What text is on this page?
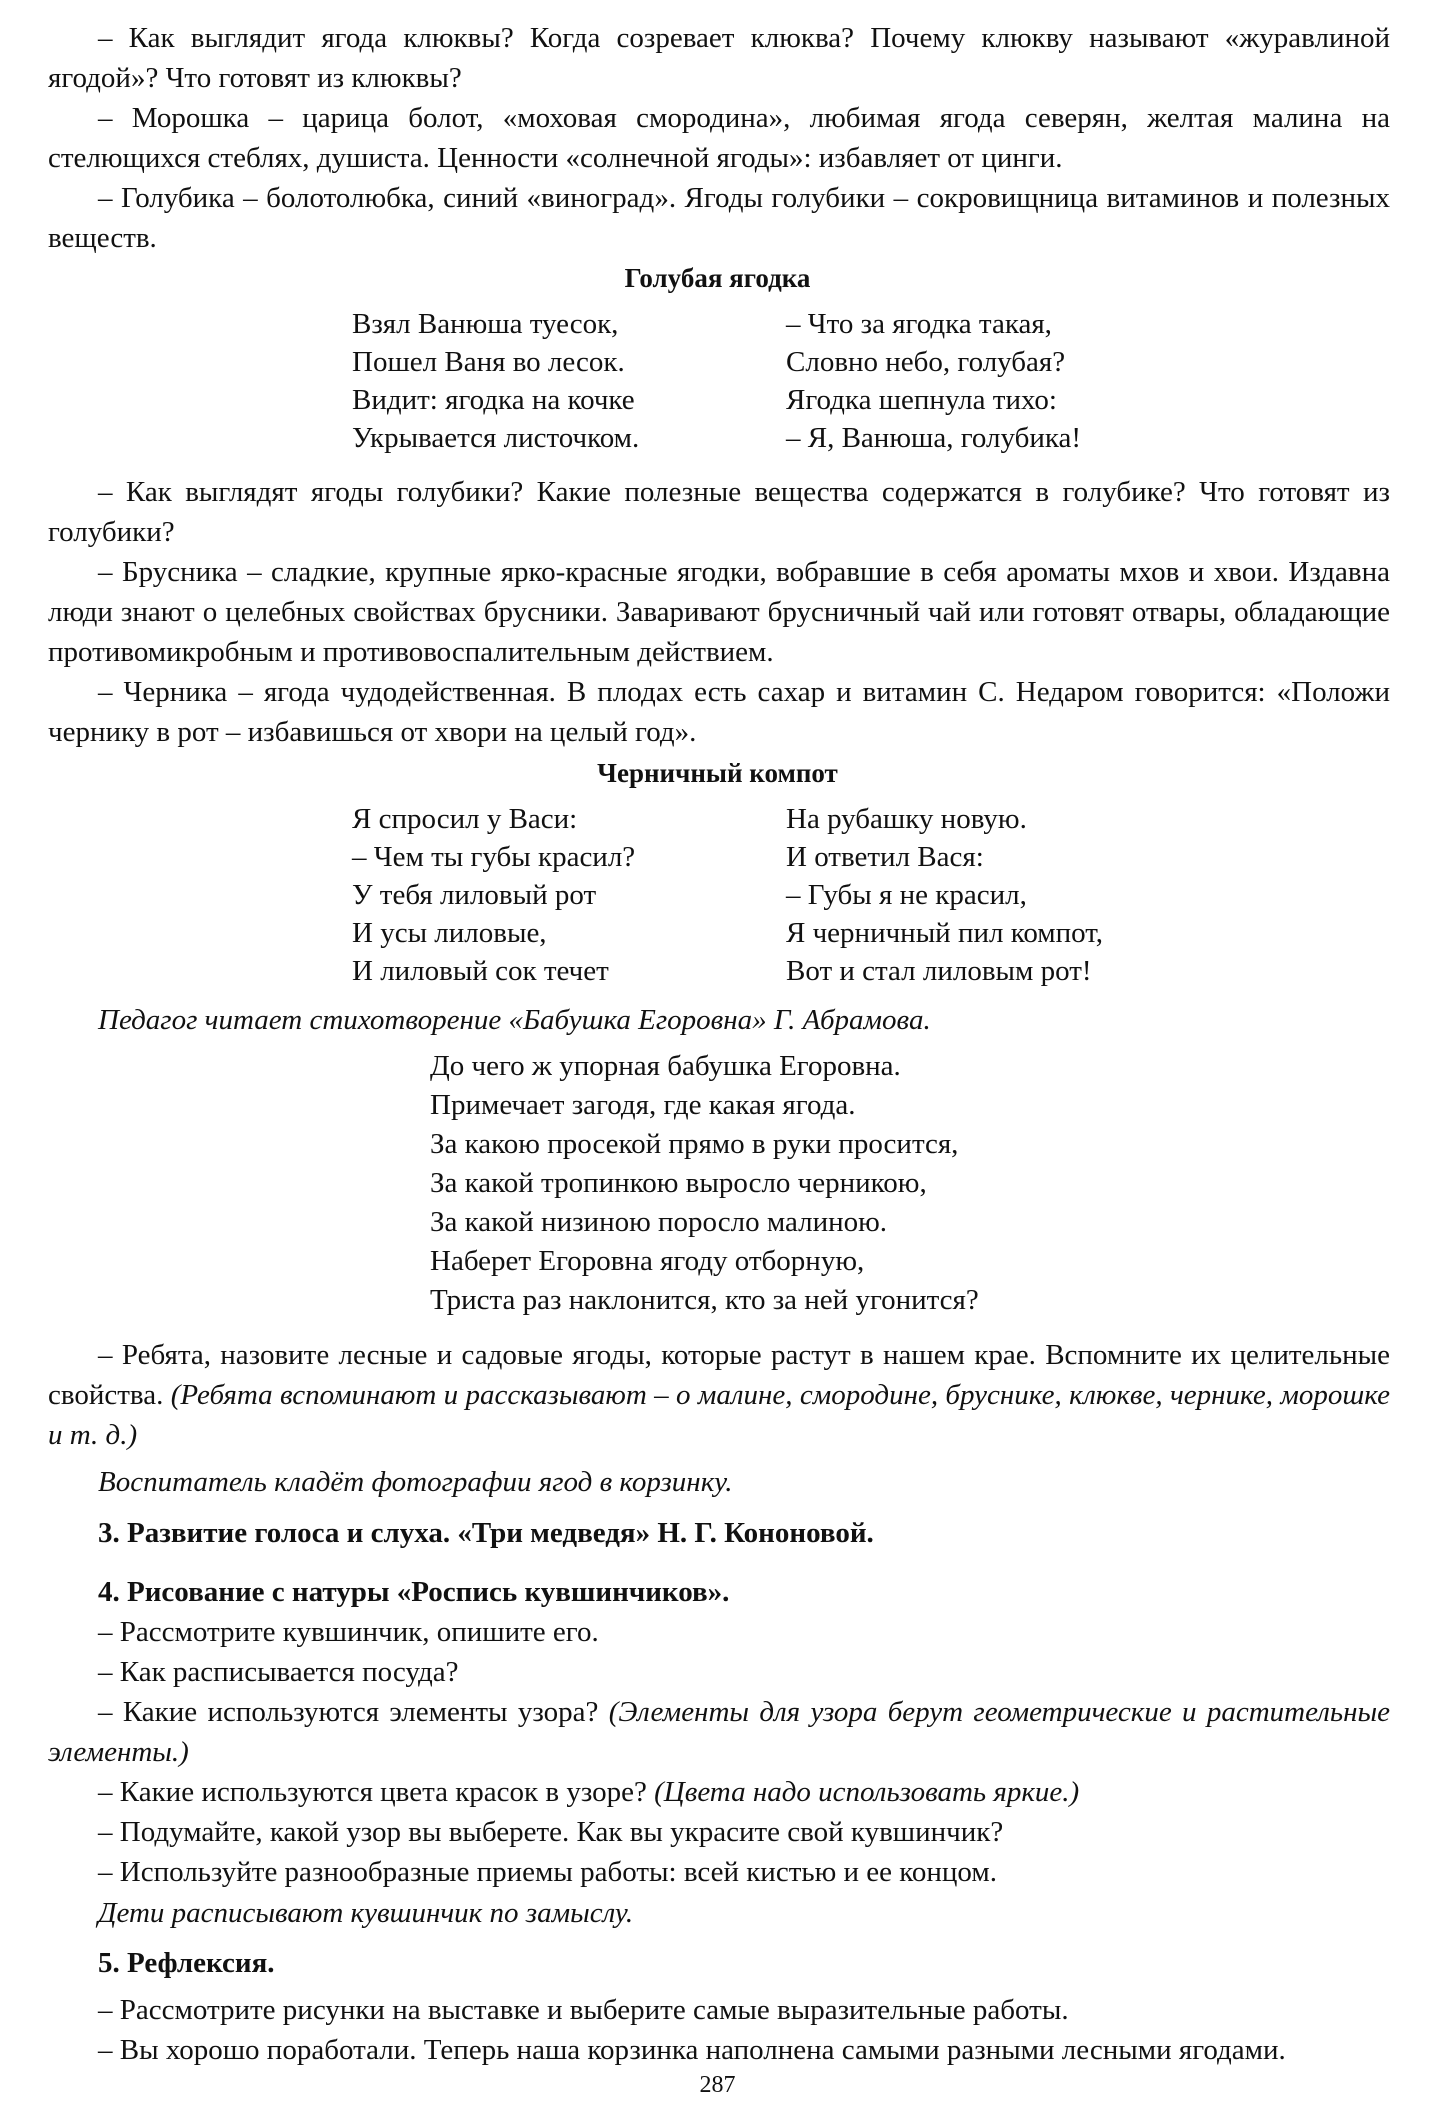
– Как выглядит ягода клюквы? Когда созревает клюква? Почему клюкву называют «журавлиной ягодой»? Что готовят из клюквы?

– Морошка – царица болот, «моховая смородина», любимая ягода северян, желтая малина на стелющихся стеблях, душиста. Ценности «солнечной ягоды»: избавляет от цинги.

– Голубика – болотолюбка, синий «виноград». Ягоды голубики – сокровищница витаминов и полезных веществ.

Голубая ягодка

Взял Ванюша туесок,
Пошел Ваня во лесок.
Видит: ягодка на кочке
Укрывается листочком.
– Что за ягодка такая,
Словно небо, голубая?
Ягодка шепнула тихо:
– Я, Ванюша, голубика!

– Как выглядят ягоды голубики? Какие полезные вещества содержатся в голубике? Что готовят из голубики?

– Брусника – сладкие, крупные ярко-красные ягодки, вобравшие в себя ароматы мхов и хвои. Издавна люди знают о целебных свойствах брусники. Заваривают брусничный чай или готовят отвары, обладающие противомикробным и противовоспалительным действием.

– Черника – ягода чудодейственная. В плодах есть сахар и витамин С. Недаром говорится: «Положи чернику в рот – избавишься от хвори на целый год».

Черничный компот

Я спросил у Васи:
– Чем ты губы красил?
У тебя лиловый рот
И усы лиловые,
И лиловый сок течет
На рубашку новую.
И ответил Вася:
– Губы я не красил,
Я черничный пил компот,
Вот и стал лиловым рот!

Педагог читает стихотворение «Бабушка Егоровна» Г. Абрамова.

До чего ж упорная бабушка Егоровна.
Примечает загодя, где какая ягода.
За какою просекой прямо в руки просится,
За какой тропинкою выросло черникою,
За какой низиною поросло малиною.
Наберет Егоровна ягоду отборную,
Триста раз наклонится, кто за ней угонится?

– Ребята, назовите лесные и садовые ягоды, которые растут в нашем крае. Вспомните их целительные свойства. (Ребята вспоминают и рассказывают – о малине, смородине, бруснике, клюкве, чернике, морошке и т. д.)

Воспитатель кладёт фотографии ягод в корзинку.

3. Развитие голоса и слуха. «Три медведя» Н. Г. Кононовой.

4. Рисование с натуры «Роспись кувшинчиков».

– Рассмотрите кувшинчик, опишите его.

– Как расписывается посуда?

– Какие используются элементы узора? (Элементы для узора берут геометрические и растительные элементы.)

– Какие используются цвета красок в узоре? (Цвета надо использовать яркие.)

– Подумайте, какой узор вы выберете. Как вы украсите свой кувшинчик?

– Используйте разнообразные приемы работы: всей кистью и ее концом.

Дети расписывают кувшинчик по замыслу.

5. Рефлексия.

– Рассмотрите рисунки на выставке и выберите самые выразительные работы.

– Вы хорошо поработали. Теперь наша корзинка наполнена самыми разными лесными ягодами.

287
